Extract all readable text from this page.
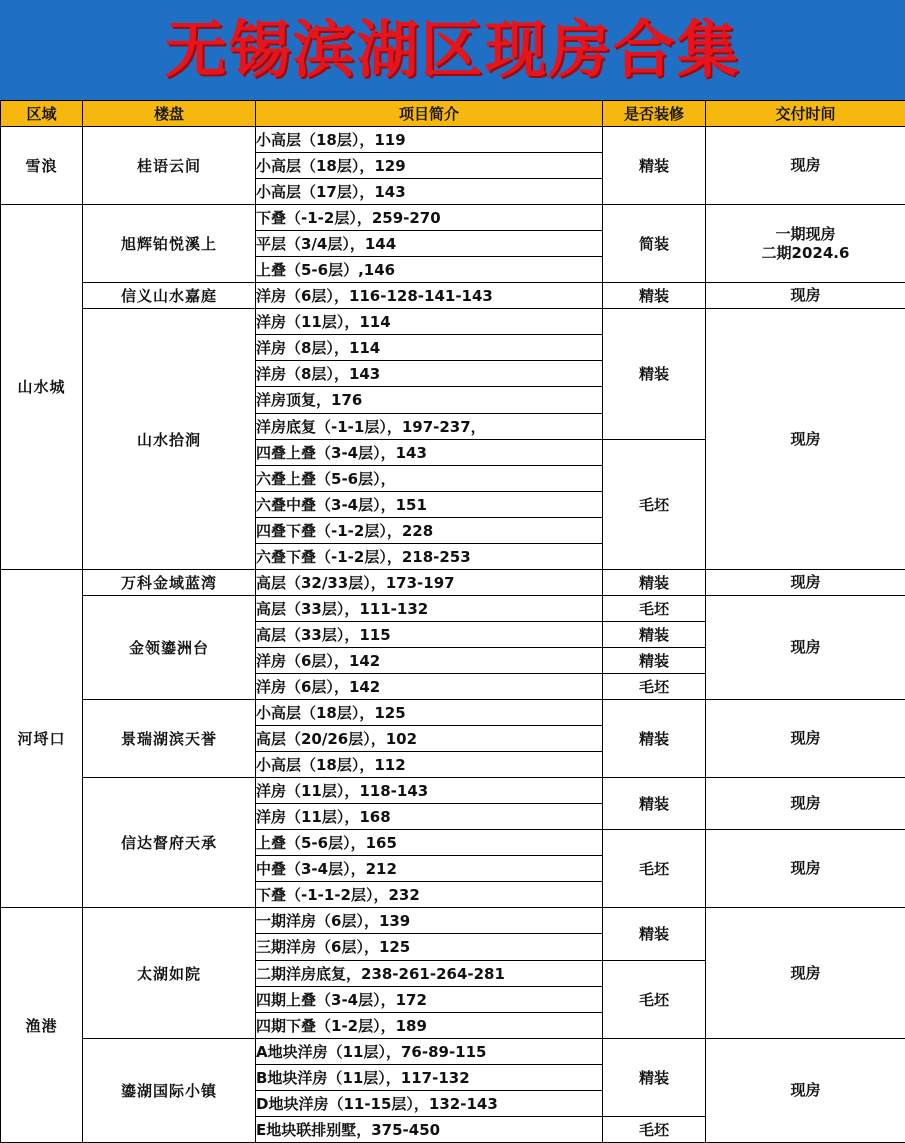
无锡滨湖区现房合集
区域	楼盘	项目简介	是否装修	交付时间
雪浪	桂语云间	小高层（18层），119	精装	现房

		小高层（18层），129		
		小高层（17层），143		
山水城	旭辉铂悦溪上	下叠（-1-2层），259-270	简装	一期现房
二期2024.6

		平层（3/4层），144		
		上叠（5-6层）,146		
	信义山水嘉庭	洋房（6层），116-128-141-143	精装	现房

	山水拾涧	洋房（11层），114	精装	现房

		洋房（8层），114		
		洋房（8层），143		
		洋房顶复，176		
		洋房底复（-1-1层），197-237，		
		四叠上叠（3-4层），143	毛坯	
		六叠上叠（5-6层），		
		六叠中叠（3-4层），151		
		四叠下叠（-1-2层），228		
		六叠下叠（-1-2层），218-253		
河埒口	万科金域蓝湾	高层（32/33层），173-197	精装	现房

	金领鎏洲台	高层（33层），111-132	毛坯	现房

		高层（33层），115	精装	
		洋房（6层），142	精装	
		洋房（6层），142	毛坯	
	景瑞湖滨天誉	小高层（18层），125	精装	现房

		高层（20/26层），102		
		小高层（18层），112		
	信达督府天承	洋房（11层），118-143	精装	现房

		洋房（11层），168		
		上叠（5-6层），165	毛坯	现房

		中叠（3-4层），212		
		下叠（-1-1-2层），232		
渔港	太湖如院	一期洋房（6层），139	精装	现房

		三期洋房（6层），125		
		二期洋房底复，238-261-264-281	毛坯	
		四期上叠（3-4层），172		
		四期下叠（1-2层），189		
	鎏湖国际小镇	A地块洋房（11层），76-89-115	精装	现房

		B地块洋房（11层），117-132		
		D地块洋房（11-15层），132-143		
		E地块联排别墅，375-450	毛坯	
